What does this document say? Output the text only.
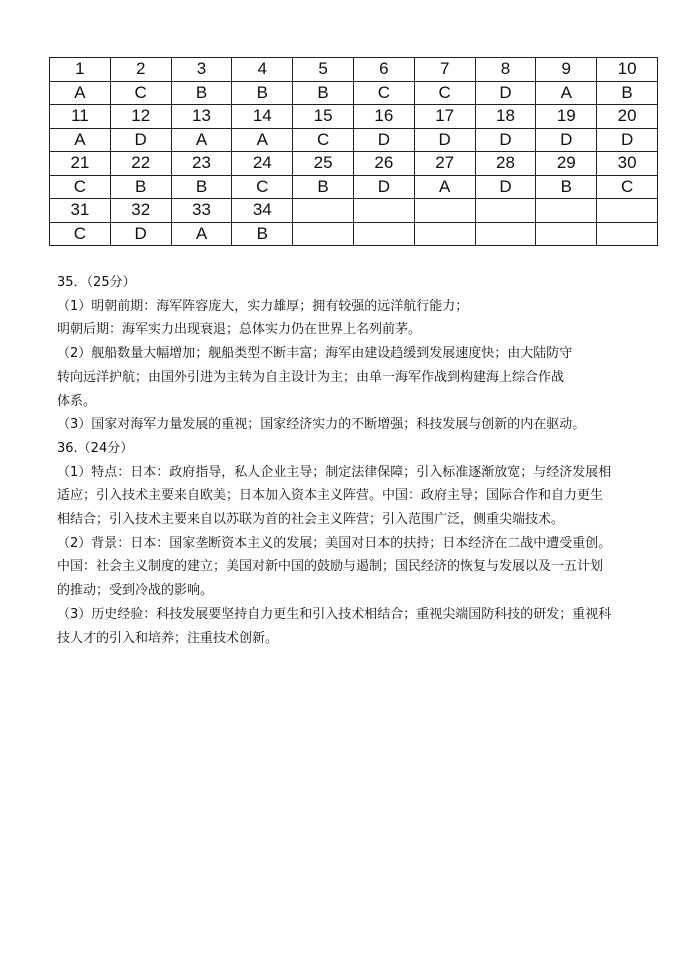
1	2	3	4	5	6	7	8	9	10
A	C	B	B	B	C	C	D	A	B
11	12	13	14	15	16	17	18	19	20
A	D	A	A	C	D	D	D	D	D
21	22	23	24	25	26	27	28	29	30
C	B	B	C	B	D	A	D	B	C
31	32	33	34						
C	D	A	B						

35．（25分）

（1）明朝前期：海军阵容庞大，实力雄厚；拥有较强的远洋航行能力；

明朝后期：海军实力出现衰退；总体实力仍在世界上名列前茅。

（2）舰船数量大幅增加；舰船类型不断丰富；海军由建设趋缓到发展速度快；由大陆防守

转向远洋护航；由国外引进为主转为自主设计为主；由单一海军作战到构建海上综合作战

体系。

（3）国家对海军力量发展的重视；国家经济实力的不断增强；科技发展与创新的内在驱动。

36.（24分）

（1）特点：日本：政府指导，私人企业主导；制定法律保障；引入标准逐渐放宽；与经济发展相

适应；引入技术主要来自欧美；日本加入资本主义阵营。中国：政府主导；国际合作和自力更生

相结合；引入技术主要来自以苏联为首的社会主义阵营；引入范围广泛，侧重尖端技术。

（2）背景：日本：国家垄断资本主义的发展；美国对日本的扶持；日本经济在二战中遭受重创。

中国：社会主义制度的建立；美国对新中国的鼓励与遏制；国民经济的恢复与发展以及一五计划

的推动；受到冷战的影响。

（3）历史经验：科技发展要坚持自力更生和引入技术相结合；重视尖端国防科技的研发；重视科

技人才的引入和培养；注重技术创新。
